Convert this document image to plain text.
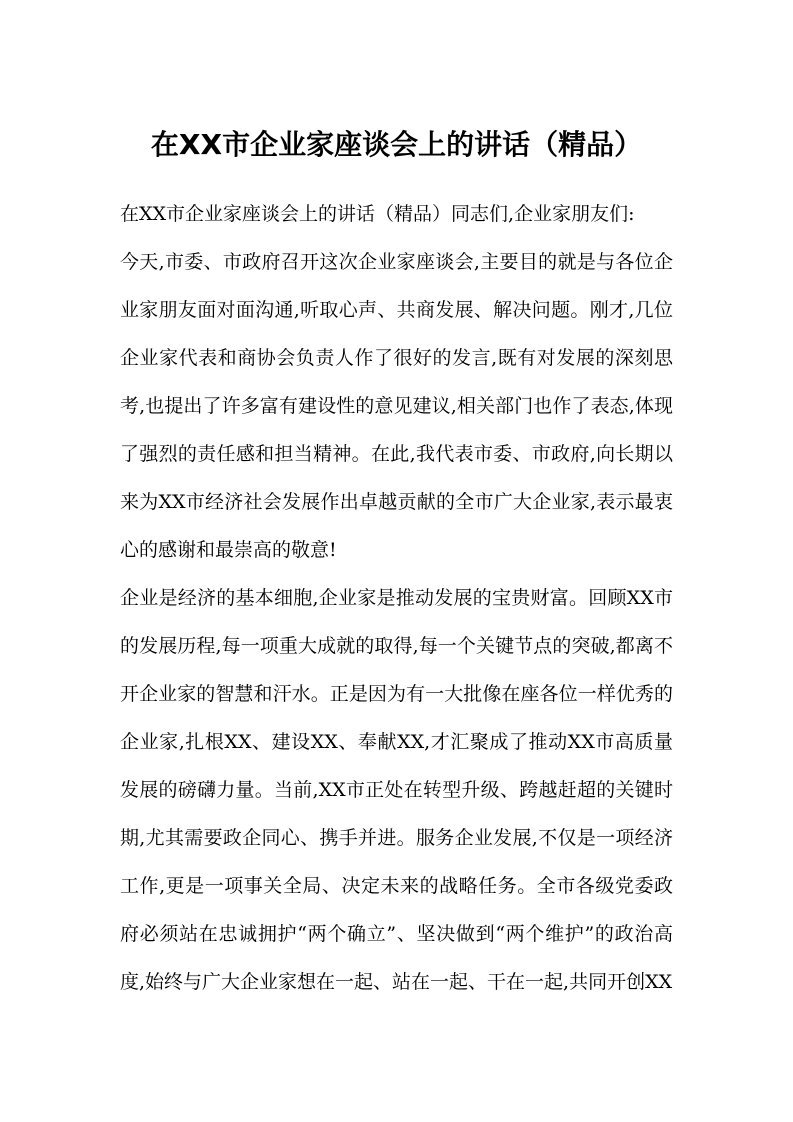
在XX市企业家座谈会上的讲话（精品）

在XX市企业家座谈会上的讲话（精品）同志们,企业家朋友们:

今天,市委、市政府召开这次企业家座谈会,主要目的就是与各位企业家朋友面对面沟通,听取心声、共商发展、解决问题。刚才,几位企业家代表和商协会负责人作了很好的发言,既有对发展的深刻思考,也提出了许多富有建设性的意见建议,相关部门也作了表态,体现了强烈的责任感和担当精神。在此,我代表市委、市政府,向长期以来为XX市经济社会发展作出卓越贡献的全市广大企业家,表示最衷心的感谢和最崇高的敬意!

企业是经济的基本细胞,企业家是推动发展的宝贵财富。回顾XX市的发展历程,每一项重大成就的取得,每一个关键节点的突破,都离不开企业家的智慧和汗水。正是因为有一大批像在座各位一样优秀的企业家,扎根XX、建设XX、奉献XX,才汇聚成了推动XX市高质量发展的磅礴力量。当前,XX市正处在转型升级、跨越赶超的关键时期,尤其需要政企同心、携手并进。服务企业发展,不仅是一项经济工作,更是一项事关全局、决定未来的战略任务。全市各级党委政府必须站在忠诚拥护“两个确立”、坚决做到“两个维护”的政治高度,始终与广大企业家想在一起、站在一起、干在一起,共同开创XX
